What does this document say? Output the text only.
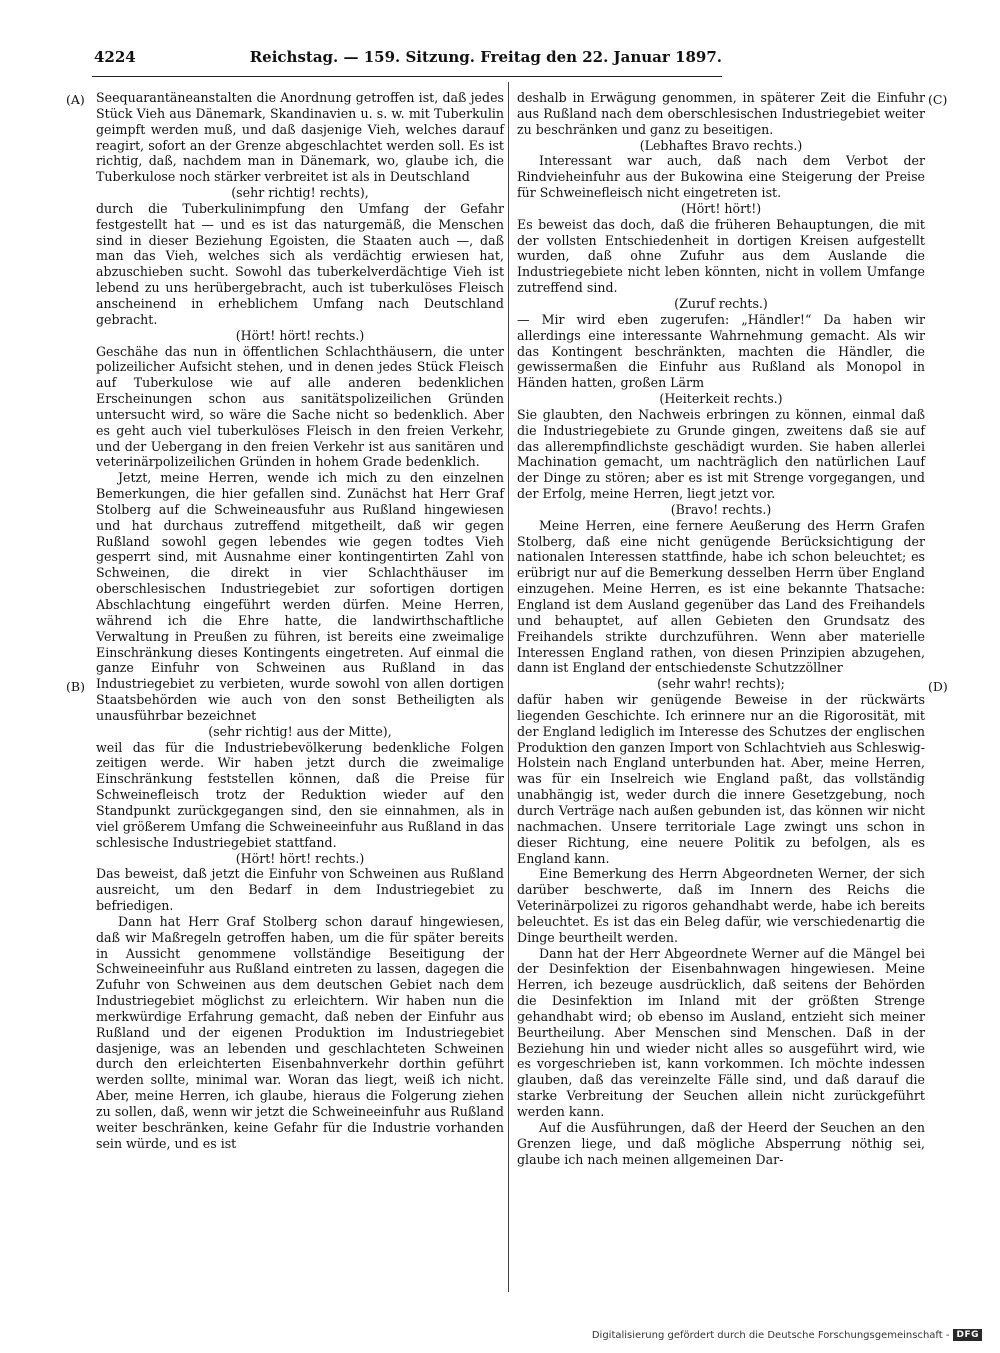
4224	Reichstag. — 159. Sitzung. Freitag den 22. Januar 1897.
(A)
(B)
(C)
(D)

Seequarantäneanstalten die Anordnung getroffen ist, daß jedes Stück Vieh aus Dänemark, Skandinavien u. s. w. mit Tuberkulin geimpft werden muß, und daß dasjenige Vieh, welches darauf reagirt, sofort an der Grenze abgeschlachtet werden soll. Es ist richtig, daß, nachdem man in Dänemark, wo, glaube ich, die Tuberkulose noch stärker verbreitet ist als in Deutschland

(sehr richtig! rechts),

durch die Tuberkulinimpfung den Umfang der Gefahr festgestellt hat — und es ist das naturgemäß, die Menschen sind in dieser Beziehung Egoisten, die Staaten auch —, daß man das Vieh, welches sich als verdächtig erwiesen hat, abzuschieben sucht. Sowohl das tuberkelverdächtige Vieh ist lebend zu uns herübergebracht, auch ist tuberkulöses Fleisch anscheinend in erheblichem Umfang nach Deutschland gebracht.

(Hört! hört! rechts.)

Geschähe das nun in öffentlichen Schlachthäusern, die unter polizeilicher Aufsicht stehen, und in denen jedes Stück Fleisch auf Tuberkulose wie auf alle anderen bedenklichen Erscheinungen schon aus sanitätspolizeilichen Gründen untersucht wird, so wäre die Sache nicht so bedenklich. Aber es geht auch viel tuberkulöses Fleisch in den freien Verkehr, und der Uebergang in den freien Verkehr ist aus sanitären und veterinärpolizeilichen Gründen in hohem Grade bedenklich.

Jetzt, meine Herren, wende ich mich zu den einzelnen Bemerkungen, die hier gefallen sind. Zunächst hat Herr Graf Stolberg auf die Schweineausfuhr aus Rußland hingewiesen und hat durchaus zutreffend mitgetheilt, daß wir gegen Rußland sowohl gegen lebendes wie gegen todtes Vieh gesperrt sind, mit Ausnahme einer kontingentirten Zahl von Schweinen, die direkt in vier Schlachthäuser im oberschlesischen Industriegebiet zur sofortigen dortigen Abschlachtung eingeführt werden dürfen. Meine Herren, während ich die Ehre hatte, die landwirthschaftliche Verwaltung in Preußen zu führen, ist bereits eine zweimalige Einschränkung dieses Kontingents eingetreten. Auf einmal die ganze Einfuhr von Schweinen aus Rußland in das Industriegebiet zu verbieten, wurde sowohl von allen dortigen Staatsbehörden wie auch von den sonst Betheiligten als unausführbar bezeichnet

(sehr richtig! aus der Mitte),

weil das für die Industriebevölkerung bedenkliche Folgen zeitigen werde. Wir haben jetzt durch die zweimalige Einschränkung feststellen können, daß die Preise für Schweinefleisch trotz der Reduktion wieder auf den Standpunkt zurückgegangen sind, den sie einnahmen, als in viel größerem Umfang die Schweineeinfuhr aus Rußland in das schlesische Industriegebiet stattfand.

(Hört! hört! rechts.)

Das beweist, daß jetzt die Einfuhr von Schweinen aus Rußland ausreicht, um den Bedarf in dem Industriegebiet zu befriedigen.

Dann hat Herr Graf Stolberg schon darauf hingewiesen, daß wir Maßregeln getroffen haben, um die für später bereits in Aussicht genommene vollständige Beseitigung der Schweineeinfuhr aus Rußland eintreten zu lassen, dagegen die Zufuhr von Schweinen aus dem deutschen Gebiet nach dem Industriegebiet möglichst zu erleichtern. Wir haben nun die merkwürdige Erfahrung gemacht, daß neben der Einfuhr aus Rußland und der eigenen Produktion im Industriegebiet dasjenige, was an lebenden und geschlachteten Schweinen durch den erleichterten Eisenbahnverkehr dorthin geführt werden sollte, minimal war. Woran das liegt, weiß ich nicht. Aber, meine Herren, ich glaube, hieraus die Folgerung ziehen zu sollen, daß, wenn wir jetzt die Schweineeinfuhr aus Rußland weiter beschränken, keine Gefahr für die Industrie vorhanden sein würde, und es ist

deshalb in Erwägung genommen, in späterer Zeit die Einfuhr aus Rußland nach dem oberschlesischen Industriegebiet weiter zu beschränken und ganz zu beseitigen.

(Lebhaftes Bravo rechts.)

Interessant war auch, daß nach dem Verbot der Rindvieheinfuhr aus der Bukowina eine Steigerung der Preise für Schweinefleisch nicht eingetreten ist.

(Hört! hört!)

Es beweist das doch, daß die früheren Behauptungen, die mit der vollsten Entschiedenheit in dortigen Kreisen aufgestellt wurden, daß ohne Zufuhr aus dem Auslande die Industriegebiete nicht leben könnten, nicht in vollem Umfange zutreffend sind.

(Zuruf rechts.)

— Mir wird eben zugerufen: „Händler!“ Da haben wir allerdings eine interessante Wahrnehmung gemacht. Als wir das Kontingent beschränkten, machten die Händler, die gewissermaßen die Einfuhr aus Rußland als Monopol in Händen hatten, großen Lärm

(Heiterkeit rechts.)

Sie glaubten, den Nachweis erbringen zu können, einmal daß die Industriegebiete zu Grunde gingen, zweitens daß sie auf das allerempfindlichste geschädigt wurden. Sie haben allerlei Machination gemacht, um nachträglich den natürlichen Lauf der Dinge zu stören; aber es ist mit Strenge vorgegangen, und der Erfolg, meine Herren, liegt jetzt vor.

(Bravo! rechts.)

Meine Herren, eine fernere Aeußerung des Herrn Grafen Stolberg, daß eine nicht genügende Berücksichtigung der nationalen Interessen stattfinde, habe ich schon beleuchtet; es erübrigt nur auf die Bemerkung desselben Herrn über England einzugehen. Meine Herren, es ist eine bekannte Thatsache: England ist dem Ausland gegenüber das Land des Freihandels und behauptet, auf allen Gebieten den Grundsatz des Freihandels strikte durchzuführen. Wenn aber materielle Interessen England rathen, von diesen Prinzipien abzugehen, dann ist England der entschiedenste Schutzzöllner

(sehr wahr! rechts);

dafür haben wir genügende Beweise in der rückwärts liegenden Geschichte. Ich erinnere nur an die Rigorosität, mit der England lediglich im Interesse des Schutzes der englischen Produktion den ganzen Import von Schlachtvieh aus Schleswig-Holstein nach England unterbunden hat. Aber, meine Herren, was für ein Inselreich wie England paßt, das vollständig unabhängig ist, weder durch die innere Gesetzgebung, noch durch Verträge nach außen gebunden ist, das können wir nicht nachmachen. Unsere territoriale Lage zwingt uns schon in dieser Richtung, eine neuere Politik zu befolgen, als es England kann.

Eine Bemerkung des Herrn Abgeordneten Werner, der sich darüber beschwerte, daß im Innern des Reichs die Veterinärpolizei zu rigoros gehandhabt werde, habe ich bereits beleuchtet. Es ist das ein Beleg dafür, wie verschiedenartig die Dinge beurtheilt werden.

Dann hat der Herr Abgeordnete Werner auf die Mängel bei der Desinfektion der Eisenbahnwagen hingewiesen. Meine Herren, ich bezeuge ausdrücklich, daß seitens der Behörden die Desinfektion im Inland mit der größten Strenge gehandhabt wird; ob ebenso im Ausland, entzieht sich meiner Beurtheilung. Aber Menschen sind Menschen. Daß in der Beziehung hin und wieder nicht alles so ausgeführt wird, wie es vorgeschrieben ist, kann vorkommen. Ich möchte indessen glauben, daß das vereinzelte Fälle sind, und daß darauf die starke Verbreitung der Seuchen allein nicht zurückgeführt werden kann.

Auf die Ausführungen, daß der Heerd der Seuchen an den Grenzen liege, und daß mögliche Absperrung nöthig sei, glaube ich nach meinen allgemeinen Dar-

Digitalisierung gefördert durch die Deutsche Forschungsgemeinschaft - DFG
